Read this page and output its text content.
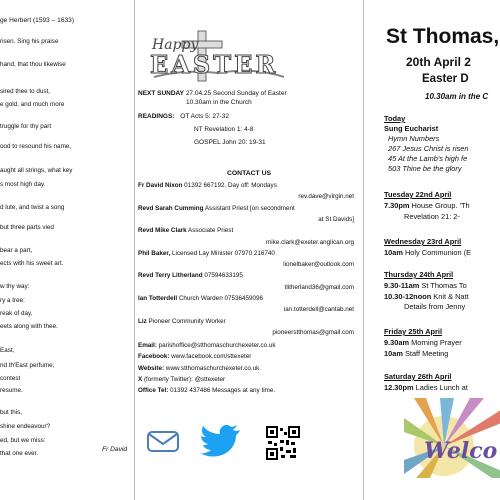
ge Herbert (1593 – 1633)
risen. Sing his praise
hand, that thou likewise
sired thee to dust,
e gold, and much more
truggle for thy part
ood to resound his name,
aught all strings, what key
s most high day.
d lute, and twist a song
but three parts vied
bear a part,
ects with his sweet art.
w thy way:
ry a tree:
reak of day,
eets along with thee.
East,
nd th'East perfume;
contest
resume.
but this,
shine endeavour?
ed, but we miss:
that one ever.
Fr David
Happy
EASTER
NEXT SUNDAY 27.04.25 Second Sunday of Easter
10.30am in the Church
READINGS: OT Acts 5: 27-32
NT Revelation 1: 4-8
GOSPEL John 20: 19-31
CONTACT US
Fr David Nixon 01392 667192. Day off: Mondays
rev.dave@virgin.net
Revd Sarah Cumming Assistant Priest [on secondment
at St Davids]
Revd Mike Clark Associate Priest
mike.clark@exeter.anglican.org
Phil Baker, Licensed Lay Minister 07970 216740
lionelbaker@outlook.com
Revd Terry Litherland 07594633195
tlitherland36@gmail.com
Ian Totterdell Church Warden 07536459096
ian.totterdell@cantab.net
Liz Pioneer Community Worker
pioneerstthomas@gmail.com
Email: parishoffice@stthomaschurchexeter.co.uk
Facebook: www.facebook.com/sttexeter
Website: www.stthomaschurchexeter.co.uk
X (formerly Twitter): @sttexeter
Office Tel: 01392 437486 Messages at any time.
St Thomas,
20th April 2
Easter D
10.30am in the C
Today
Sung Eucharist
Hymn Numbers
267 Jesus Christ is risen
45 At the Lamb's high fe
503 Thine be the glory
Tuesday 22nd April
7.30pm House Group. 'Th
Revelation 21: 2-
Wednesday 23rd April
10am Holy Communion (E
Thursday 24th April
9.30-11am St Thomas To
10.30-12noon Knit & Natt
Details from Jenny
Friday 25th April
9.30am Morning Prayer
10am Staff Meeting
Saturday 26th April
12.30pm Ladies Lunch at
Welco
